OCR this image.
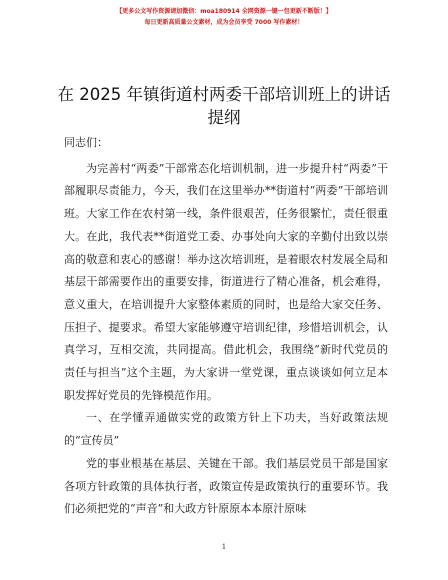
【更多公文写作资源请加微信：moa180914 全网资源一键一包更新不断版！】
每日更新高质量公文素材，成为会员享受 7000 写作素材！
在 2025 年镇街道村两委干部培训班上的讲话提纲

同志们：

为完善村“两委”干部常态化培训机制，进一步提升村“两委”干部履职尽责能力，今天，我们在这里举办**街道村“两委”干部培训班。大家工作在农村第一线，条件很艰苦，任务很繁忙，责任很重大。在此，我代表**街道党工委、办事处向大家的辛勤付出致以崇高的敬意和衷心的感谢！举办这次培训班，是着眼农村发展全局和基层干部需要作出的重要安排，街道进行了精心准备，机会难得，意义重大，在培训提升大家整体素质的同时，也是给大家交任务、压担子、提要求。希望大家能够遵守培训纪律，珍惜培训机会，认真学习，互相交流，共同提高。借此机会，我围绕“新时代党员的责任与担当”这个主题，为大家讲一堂党课，重点谈谈如何立足本职发挥好党员的先锋模范作用。

一、在学懂弄通做实党的政策方针上下功夫，当好政策法规的“宣传员”

党的事业根基在基层、关键在干部。我们基层党员干部是国家各项方针政策的具体执行者，政策宣传是政策执行的重要环节。我们必须把党的“声音”和大政方针原原本本原汁原味

1
